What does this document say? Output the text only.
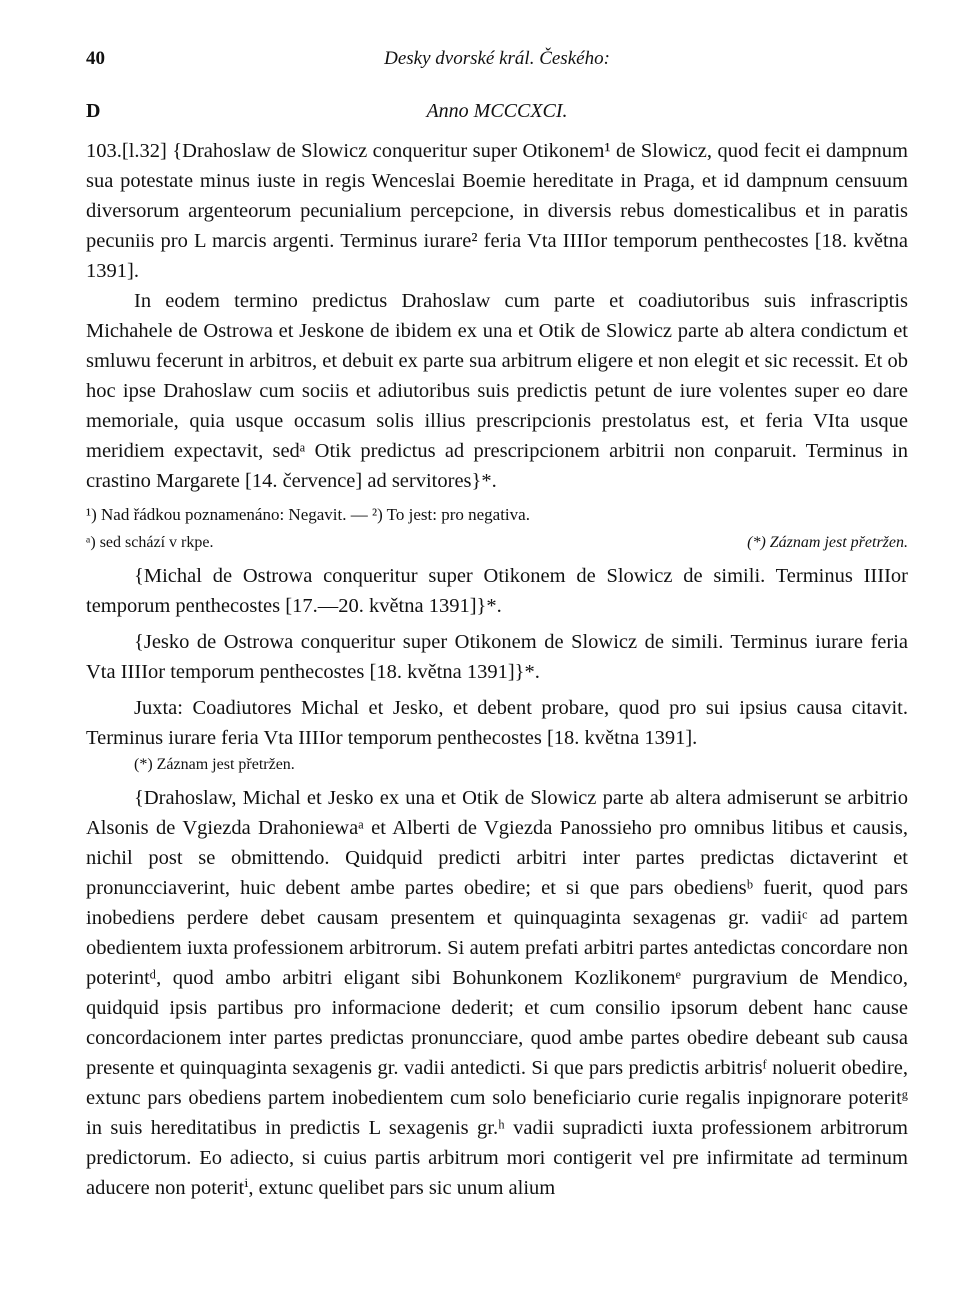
40	Desky dvorské král. Českého:
D	Anno MCCCXCI.

103.[l.32] {Drahoslaw de Slowicz conqueritur super Otikonem¹ de Slowicz, quod fecit ei dampnum sua potestate minus iuste in regis Wenceslai Boemie hereditate in Praga, et id dampnum censuum diversorum argenteorum pecunialium percepcione, in diversis rebus domesticalibus et in paratis pecuniis pro L marcis argenti. Terminus iurare² feria Vta IIIIor temporum penthecostes [18. května 1391].

In eodem termino predictus Drahoslaw cum parte et coadiutoribus suis infrascriptis Michahele de Ostrowa et Jeskone de ibidem ex una et Otik de Slowicz parte ab altera condictum et smluwu fecerunt in arbitros, et debuit ex parte sua arbitrum eligere et non elegit et sic recessit. Et ob hoc ipse Drahoslaw cum sociis et adiutoribus suis predictis petunt de iure volentes super eo dare memoriale, quia usque occasum solis illius prescripcionis prestolatus est, et feria VIta usque meridiem expectavit, sedᵃ Otik predictus ad prescripcionem arbitrii non conparuit. Terminus in crastino Margarete [14. července] ad servitores}*.

¹) Nad řádkou poznamenáno: Negavit. — ²) To jest: pro negativa.

ᵃ) sed schází v rkpe.	(*) Záznam jest přetržen.

{Michal de Ostrowa conqueritur super Otikonem de Slowicz de simili. Terminus IIIIor temporum penthecostes [17.—20. května 1391]}*.

{Jesko de Ostrowa conqueritur super Otikonem de Slowicz de simili. Terminus iurare feria Vta IIIIor temporum penthecostes [18. května 1391]}*.

Juxta: Coadiutores Michal et Jesko, et debent probare, quod pro sui ipsius causa citavit. Terminus iurare feria Vta IIIIor temporum penthecostes [18. května 1391].

(*) Záznam jest přetržen.

{Drahoslaw, Michal et Jesko ex una et Otik de Slowicz parte ab altera admiserunt se arbitrio Alsonis de Vgiezda Drahoniewaᵃ et Alberti de Vgiezda Panossieho pro omnibus litibus et causis, nichil post se obmittendo. Quidquid predicti arbitri inter partes predictas dictaverint et pronuncciaverint, huic debent ambe partes obedire; et si que pars obediensᵇ fuerit, quod pars inobediens perdere debet causam presentem et quinquaginta sexagenas gr. vadiiᶜ ad partem obedientem iuxta professionem arbitrorum. Si autem prefati arbitri partes antedictas concordare non poterintᵈ, quod ambo arbitri eligant sibi Bohunkonem Kozlikonemᵉ purgravium de Mendico, quidquid ipsis partibus pro informacione dederit; et cum consilio ipsorum debent hanc cause concordacionem inter partes predictas pronuncciare, quod ambe partes obedire debeant sub causa presente et quinquaginta sexagenis gr. vadii antedicti. Si que pars predictis arbitrisᶠ noluerit obedire, extunc pars obediens partem inobedientem cum solo beneficiario curie regalis inpignorare poteritᵍ in suis hereditatibus in predictis L sexagenis gr.ʰ vadii supradicti iuxta professionem arbitrorum predictorum. Eo adiecto, si cuius partis arbitrum mori contigerit vel pre infirmitate ad terminum aducere non poteritⁱ, extunc quelibet pars sic unum alium
